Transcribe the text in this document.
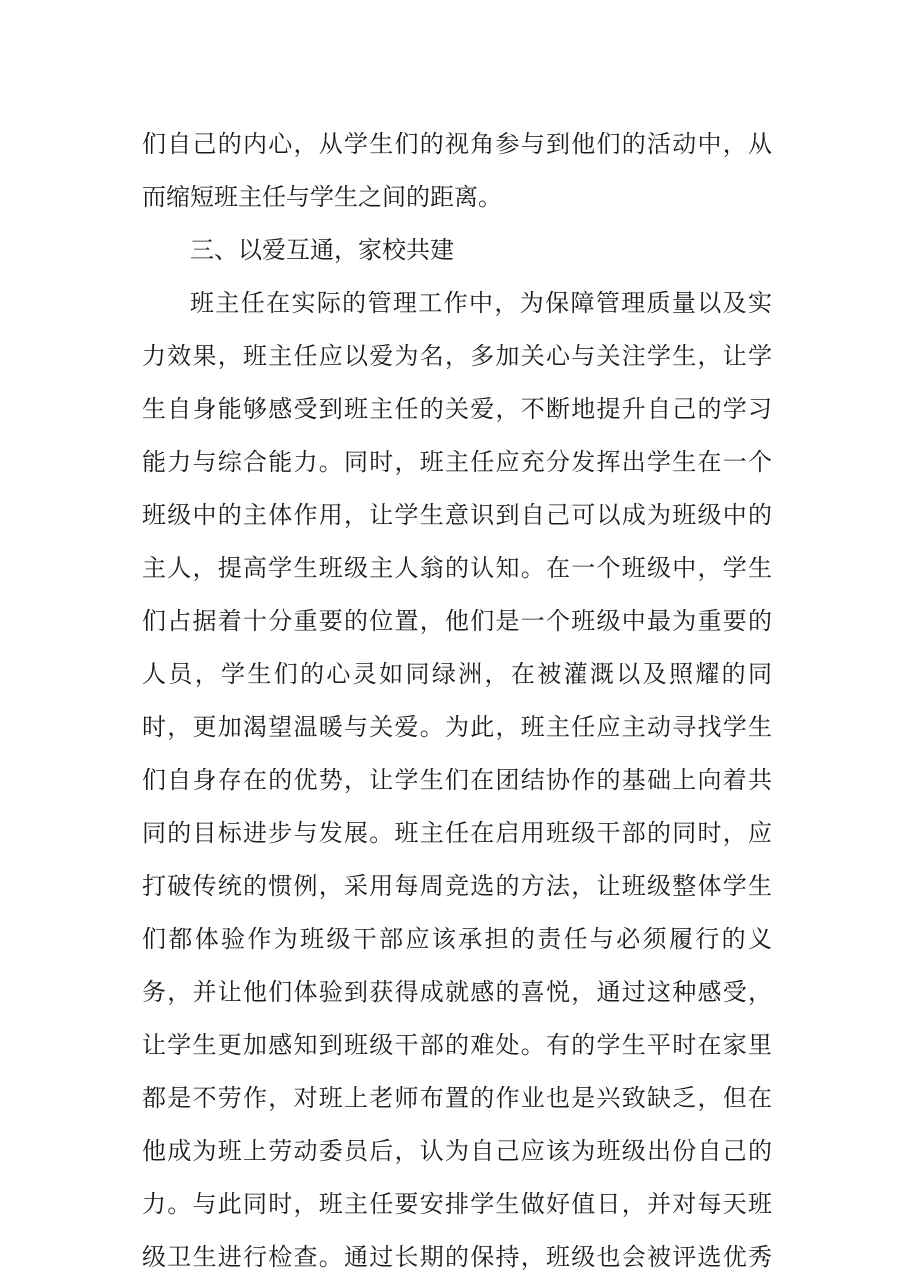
们自己的内心，从学生们的视角参与到他们的活动中，从
而缩短班主任与学生之间的距离。
三、以爱互通，家校共建
班主任在实际的管理工作中，为保障管理质量以及实
力效果，班主任应以爱为名，多加关心与关注学生，让学
生自身能够感受到班主任的关爱，不断地提升自己的学习
能力与综合能力。同时，班主任应充分发挥出学生在一个
班级中的主体作用，让学生意识到自己可以成为班级中的
主人，提高学生班级主人翁的认知。在一个班级中，学生
们占据着十分重要的位置，他们是一个班级中最为重要的
人员，学生们的心灵如同绿洲，在被灌溉以及照耀的同
时，更加渴望温暖与关爱。为此，班主任应主动寻找学生
们自身存在的优势，让学生们在团结协作的基础上向着共
同的目标进步与发展。班主任在启用班级干部的同时，应
打破传统的惯例，采用每周竞选的方法，让班级整体学生
们都体验作为班级干部应该承担的责任与必须履行的义
务，并让他们体验到获得成就感的喜悦，通过这种感受，
让学生更加感知到班级干部的难处。有的学生平时在家里
都是不劳作，对班上老师布置的作业也是兴致缺乏，但在
他成为班上劳动委员后，认为自己应该为班级出份自己的
力。与此同时，班主任要安排学生做好值日，并对每天班
级卫生进行检查。通过长期的保持，班级也会被评选优秀
